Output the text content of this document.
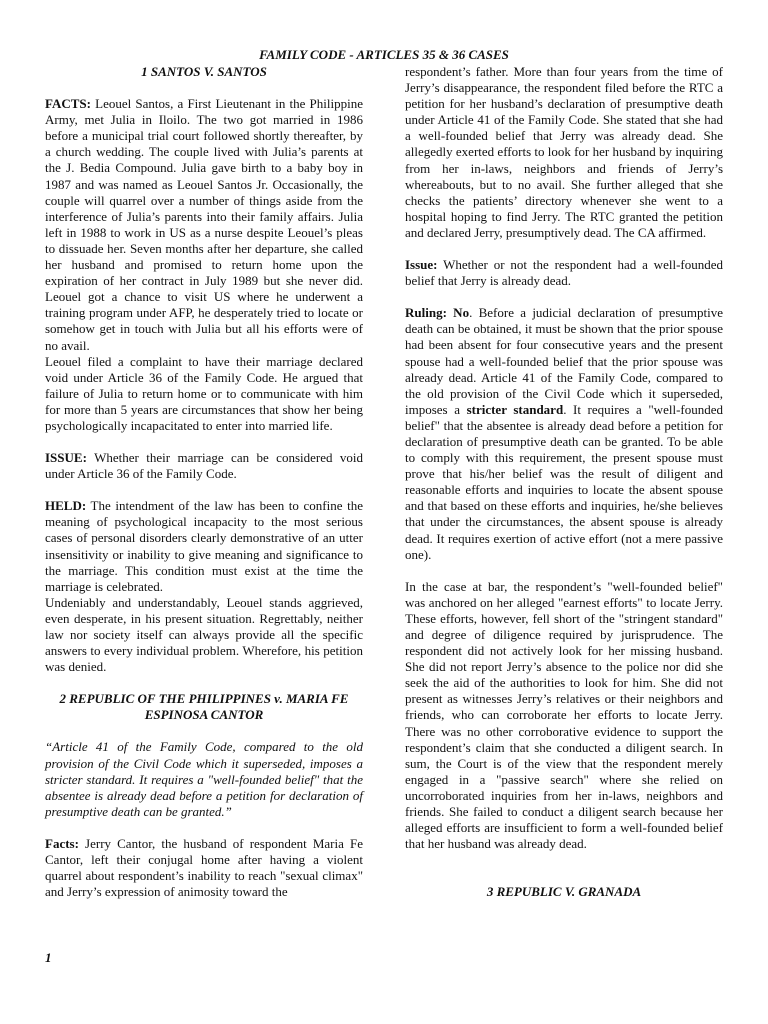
FAMILY CODE - ARTICLES 35 & 36 CASES

1 SANTOS V. SANTOS

FACTS: Leouel Santos, a First Lieutenant in the Philippine Army, met Julia in Iloilo. The two got married in 1986 before a municipal trial court followed shortly thereafter, by a church wedding. The couple lived with Julia’s parents at the J. Bedia Compound. Julia gave birth to a baby boy in 1987 and was named as Leouel Santos Jr. Occasionally, the couple will quarrel over a number of things aside from the interference of Julia’s parents into their family affairs. Julia left in 1988 to work in US as a nurse despite Leouel’s pleas to dissuade her. Seven months after her departure, she called her husband and promised to return home upon the expiration of her contract in July 1989 but she never did. Leouel got a chance to visit US where he underwent a training program under AFP, he desperately tried to locate or somehow get in touch with Julia but all his efforts were of no avail.

Leouel filed a complaint to have their marriage declared void under Article 36 of the Family Code. He argued that failure of Julia to return home or to communicate with him for more than 5 years are circumstances that show her being psychologically incapacitated to enter into married life.

ISSUE: Whether their marriage can be considered void under Article 36 of the Family Code.

HELD: The intendment of the law has been to confine the meaning of psychological incapacity to the most serious cases of personal disorders clearly demonstrative of an utter insensitivity or inability to give meaning and significance to the marriage. This condition must exist at the time the marriage is celebrated.

Undeniably and understandably, Leouel stands aggrieved, even desperate, in his present situation. Regrettably, neither law nor society itself can always provide all the specific answers to every individual problem. Wherefore, his petition was denied.

2 REPUBLIC OF THE PHILIPPINES v. MARIA FE ESPINOSA CANTOR

“Article 41 of the Family Code, compared to the old provision of the Civil Code which it superseded, imposes a stricter standard. It requires a "well-founded belief" that the absentee is already dead before a petition for declaration of presumptive death can be granted.”

Facts: Jerry Cantor, the husband of respondent Maria Fe Cantor, left their conjugal home after having a violent quarrel about respondent’s inability to reach "sexual climax" and Jerry’s expression of animosity toward the

respondent’s father. More than four years from the time of Jerry’s disappearance, the respondent filed before the RTC a petition for her husband’s declaration of presumptive death under Article 41 of the Family Code. She stated that she had a well-founded belief that Jerry was already dead. She allegedly exerted efforts to look for her husband by inquiring from her in-laws, neighbors and friends of Jerry’s whereabouts, but to no avail. She further alleged that she checks the patients’ directory whenever she went to a hospital hoping to find Jerry. The RTC granted the petition and declared Jerry, presumptively dead. The CA affirmed.

Issue: Whether or not the respondent had a well-founded belief that Jerry is already dead.

Ruling: No. Before a judicial declaration of presumptive death can be obtained, it must be shown that the prior spouse had been absent for four consecutive years and the present spouse had a well-founded belief that the prior spouse was already dead. Article 41 of the Family Code, compared to the old provision of the Civil Code which it superseded, imposes a stricter standard. It requires a "well-founded belief" that the absentee is already dead before a petition for declaration of presumptive death can be granted. To be able to comply with this requirement, the present spouse must prove that his/her belief was the result of diligent and reasonable efforts and inquiries to locate the absent spouse and that based on these efforts and inquiries, he/she believes that under the circumstances, the absent spouse is already dead. It requires exertion of active effort (not a mere passive one).

In the case at bar, the respondent’s "well-founded belief" was anchored on her alleged "earnest efforts" to locate Jerry. These efforts, however, fell short of the "stringent standard" and degree of diligence required by jurisprudence. The respondent did not actively look for her missing husband. She did not report Jerry’s absence to the police nor did she seek the aid of the authorities to look for him. She did not present as witnesses Jerry’s relatives or their neighbors and friends, who can corroborate her efforts to locate Jerry. There was no other corroborative evidence to support the respondent’s claim that she conducted a diligent search. In sum, the Court is of the view that the respondent merely engaged in a "passive search" where she relied on uncorroborated inquiries from her in-laws, neighbors and friends. She failed to conduct a diligent search because her alleged efforts are insufficient to form a well-founded belief that her husband was already dead.

3 REPUBLIC V. GRANADA

1
